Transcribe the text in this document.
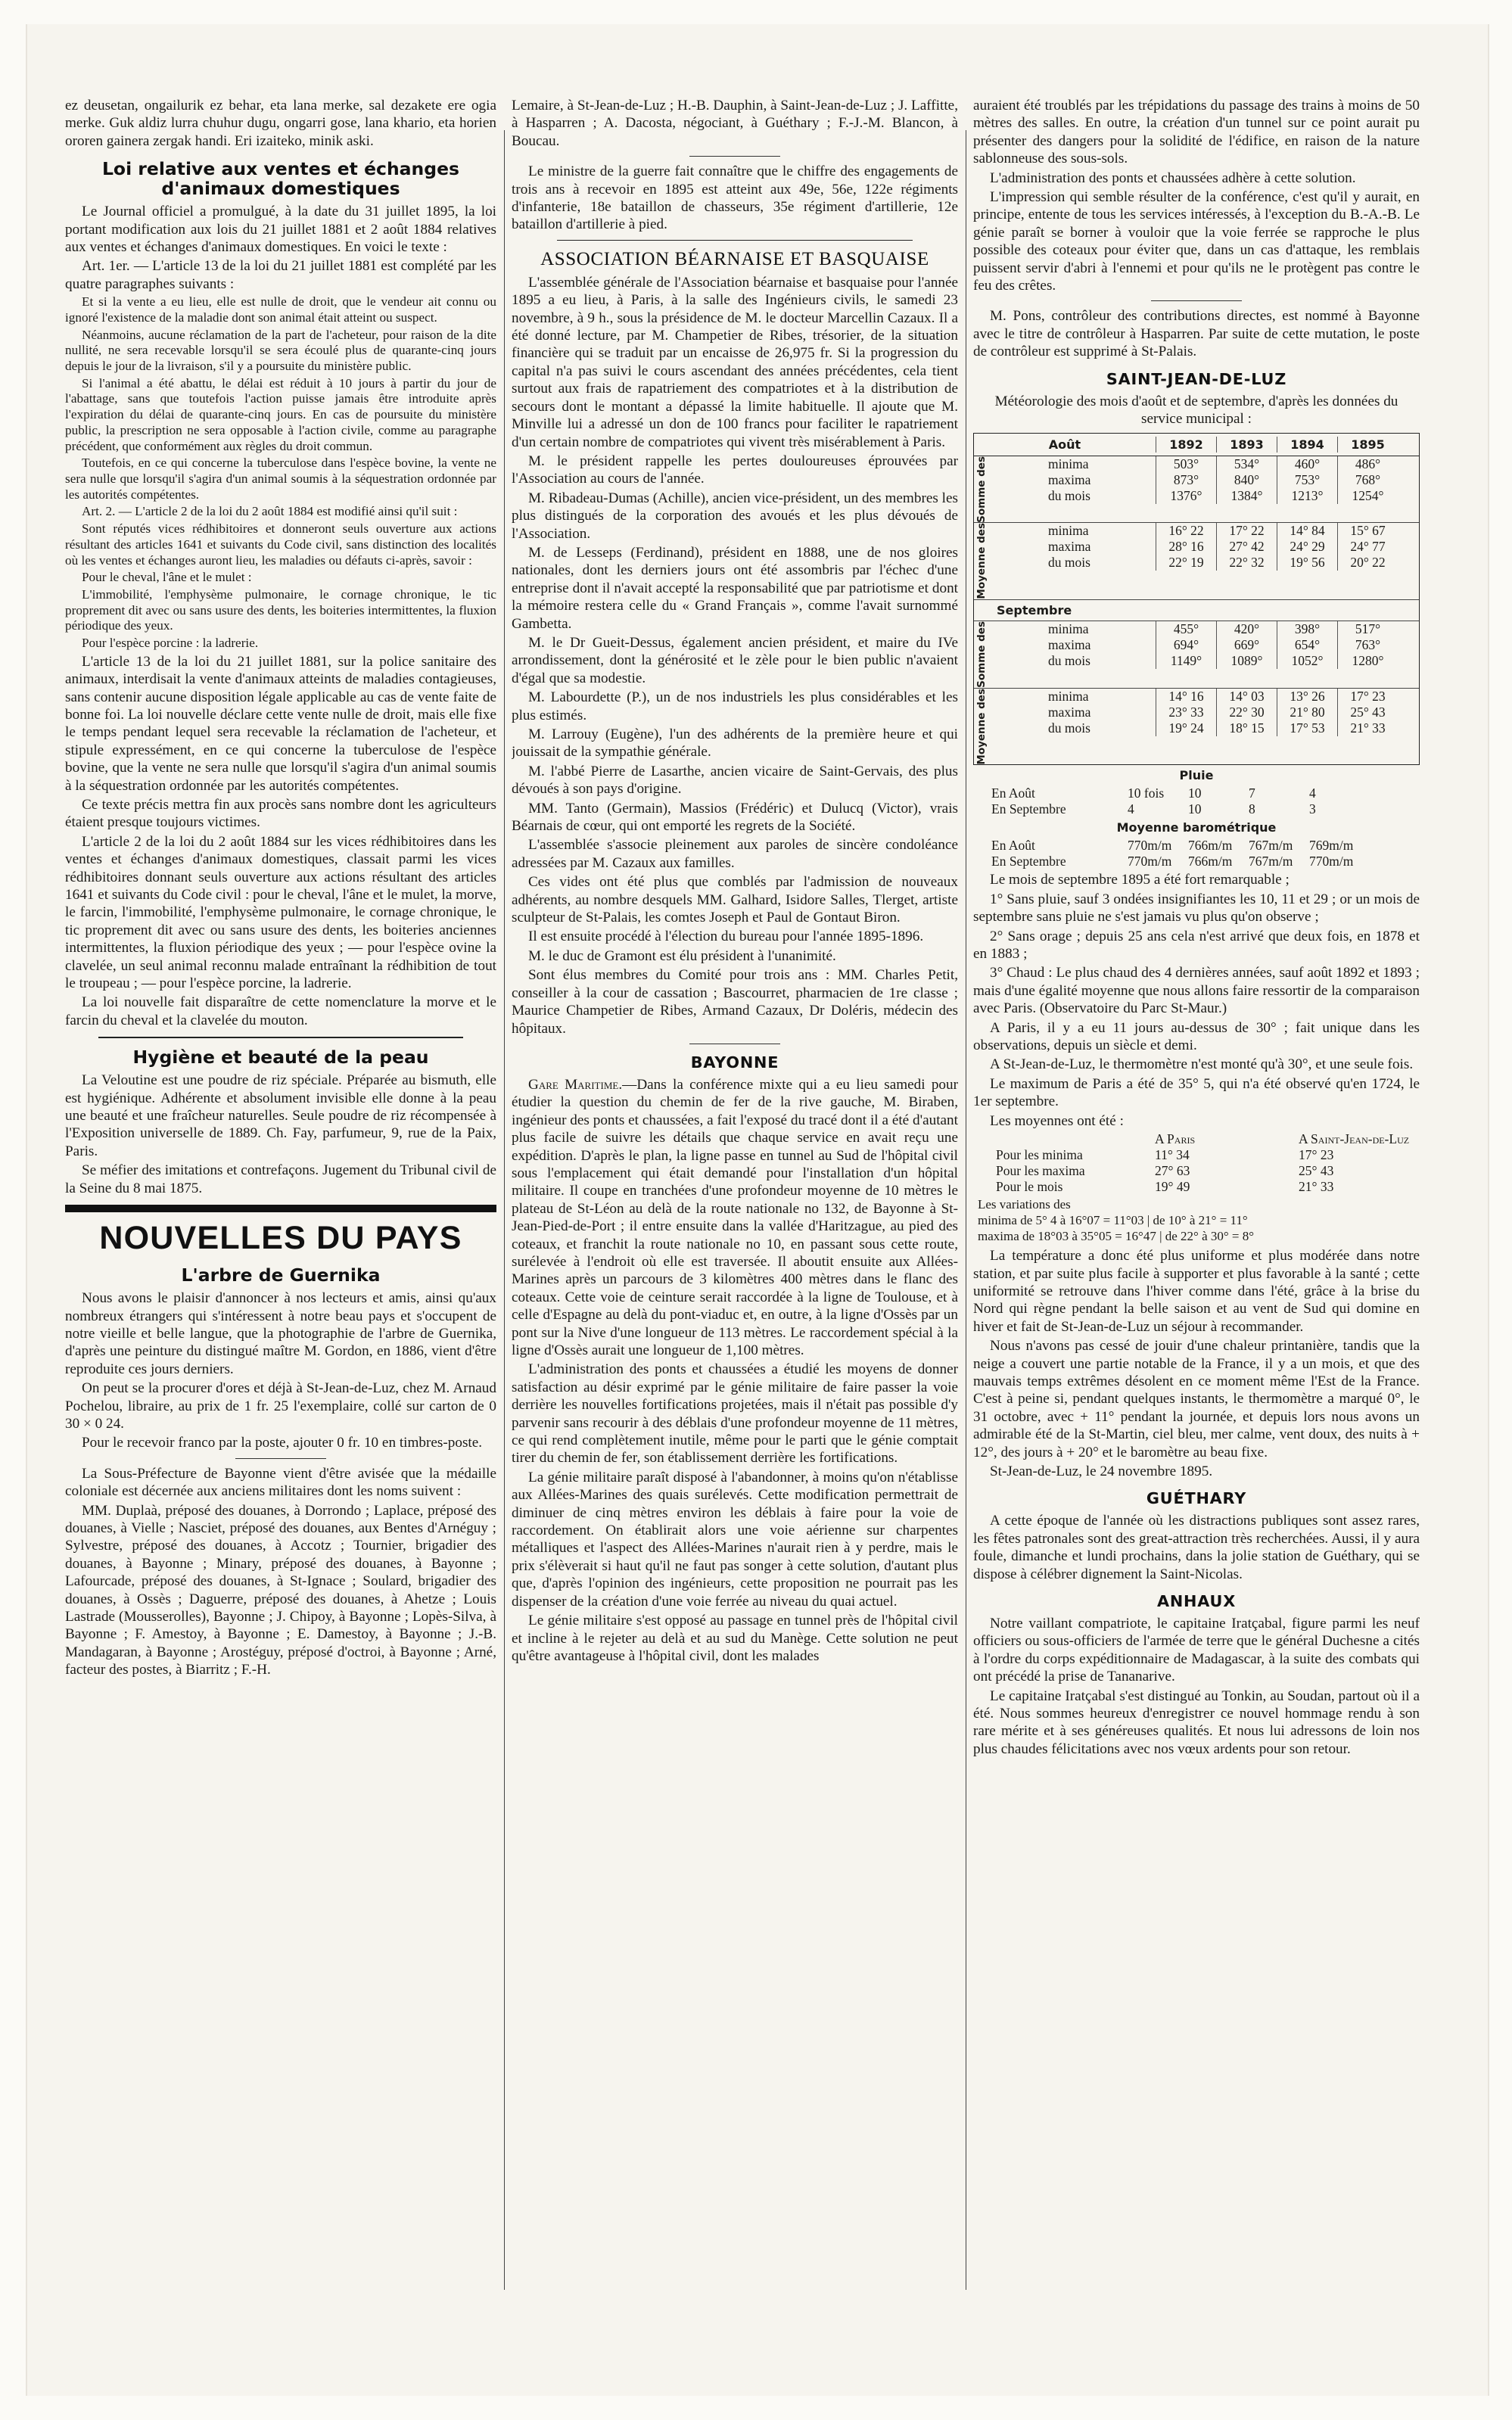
ez deusetan, ongailurik ez behar, eta lana merke, sal dezakete ere ogia merke. Guk aldiz lurra chuhur dugu, ongarri gose, lana khario, eta horien ororen gainera zergak handi. Eri izaiteko, minik aski.

Loi relative aux ventes et échanges d'animaux domestiques

Le Journal officiel a promulgué, à la date du 31 juillet 1895, la loi portant modification aux lois du 21 juillet 1881 et 2 août 1884 relatives aux ventes et échanges d'animaux domestiques. En voici le texte :

Art. 1er. — L'article 13 de la loi du 21 juillet 1881 est complété par les quatre paragraphes suivants :

Et si la vente a eu lieu, elle est nulle de droit, que le vendeur ait connu ou ignoré l'existence de la maladie dont son animal était atteint ou suspect.

Néanmoins, aucune réclamation de la part de l'acheteur, pour raison de la dite nullité, ne sera recevable lorsqu'il se sera écoulé plus de quarante-cinq jours depuis le jour de la livraison, s'il y a poursuite du ministère public.

Si l'animal a été abattu, le délai est réduit à 10 jours à partir du jour de l'abattage, sans que toutefois l'action puisse jamais être introduite après l'expiration du délai de quarante-cinq jours. En cas de poursuite du ministère public, la prescription ne sera opposable à l'action civile, comme au paragraphe précédent, que conformément aux règles du droit commun.

Toutefois, en ce qui concerne la tuberculose dans l'espèce bovine, la vente ne sera nulle que lorsqu'il s'agira d'un animal soumis à la séquestration ordonnée par les autorités compétentes.

Art. 2. — L'article 2 de la loi du 2 août 1884 est modifié ainsi qu'il suit :

Sont réputés vices rédhibitoires et donneront seuls ouverture aux actions résultant des articles 1641 et suivants du Code civil, sans distinction des localités où les ventes et échanges auront lieu, les maladies ou défauts ci-après, savoir :

Pour le cheval, l'âne et le mulet :

L'immobilité, l'emphysème pulmonaire, le cornage chronique, le tic proprement dit avec ou sans usure des dents, les boiteries intermittentes, la fluxion périodique des yeux.

Pour l'espèce porcine : la ladrerie.

L'article 13 de la loi du 21 juillet 1881, sur la police sanitaire des animaux, interdisait la vente d'animaux atteints de maladies contagieuses, sans contenir aucune disposition légale applicable au cas de vente faite de bonne foi. La loi nouvelle déclare cette vente nulle de droit, mais elle fixe le temps pendant lequel sera recevable la réclamation de l'acheteur, et stipule expressément, en ce qui concerne la tuberculose de l'espèce bovine, que la vente ne sera nulle que lorsqu'il s'agira d'un animal soumis à la séquestration ordonnée par les autorités compétentes.

Ce texte précis mettra fin aux procès sans nombre dont les agriculteurs étaient presque toujours victimes.

L'article 2 de la loi du 2 août 1884 sur les vices rédhibitoires dans les ventes et échanges d'animaux domestiques, classait parmi les vices rédhibitoires donnant seuls ouverture aux actions résultant des articles 1641 et suivants du Code civil : pour le cheval, l'âne et le mulet, la morve, le farcin, l'immobilité, l'emphysème pulmonaire, le cornage chronique, le tic proprement dit avec ou sans usure des dents, les boiteries anciennes intermittentes, la fluxion périodique des yeux ; — pour l'espèce ovine la clavelée, un seul animal reconnu malade entraînant la rédhibition de tout le troupeau ; — pour l'espèce porcine, la ladrerie.

La loi nouvelle fait disparaître de cette nomenclature la morve et le farcin du cheval et la clavelée du mouton.

Hygiène et beauté de la peau

La Veloutine est une poudre de riz spéciale. Préparée au bismuth, elle est hygiénique. Adhérente et absolument invisible elle donne à la peau une beauté et une fraîcheur naturelles. Seule poudre de riz récompensée à l'Exposition universelle de 1889. Ch. Fay, parfumeur, 9, rue de la Paix, Paris.

Se méfier des imitations et contrefaçons. Jugement du Tribunal civil de la Seine du 8 mai 1875.

NOUVELLES DU PAYS
L'arbre de Guernika

Nous avons le plaisir d'annoncer à nos lecteurs et amis, ainsi qu'aux nombreux étrangers qui s'intéressent à notre beau pays et s'occupent de notre vieille et belle langue, que la photographie de l'arbre de Guernika, d'après une peinture du distingué maître M. Gordon, en 1886, vient d'être reproduite ces jours derniers.

On peut se la procurer d'ores et déjà à St-Jean-de-Luz, chez M. Arnaud Pochelou, libraire, au prix de 1 fr. 25 l'exemplaire, collé sur carton de 0 30 × 0 24.

Pour le recevoir franco par la poste, ajouter 0 fr. 10 en timbres-poste.

La Sous-Préfecture de Bayonne vient d'être avisée que la médaille coloniale est décernée aux anciens militaires dont les noms suivent :

MM. Duplaà, préposé des douanes, à Dorrondo ; Laplace, préposé des douanes, à Vielle ; Nasciet, préposé des douanes, aux Bentes d'Arnéguy ; Sylvestre, préposé des douanes, à Accotz ; Tournier, brigadier des douanes, à Bayonne ; Minary, préposé des douanes, à Bayonne ; Lafourcade, préposé des douanes, à St-Ignace ; Soulard, brigadier des douanes, à Ossès ; Daguerre, préposé des douanes, à Ahetze ; Louis Lastrade (Mousserolles), Bayonne ; J. Chipoy, à Bayonne ; Lopès-Silva, à Bayonne ; F. Amestoy, à Bayonne ; E. Damestoy, à Bayonne ; J.-B. Mandagaran, à Bayonne ; Arostéguy, préposé d'octroi, à Bayonne ; Arné, facteur des postes, à Biarritz ; F.-H.

Lemaire, à St-Jean-de-Luz ; H.-B. Dauphin, à Saint-Jean-de-Luz ; J. Laffitte, à Hasparren ; A. Dacosta, négociant, à Guéthary ; F.-J.-M. Blancon, à Boucau.

Le ministre de la guerre fait connaître que le chiffre des engagements de trois ans à recevoir en 1895 est atteint aux 49e, 56e, 122e régiments d'infanterie, 18e bataillon de chasseurs, 35e régiment d'artillerie, 12e bataillon d'artillerie à pied.

ASSOCIATION BÉARNAISE ET BASQUAISE

L'assemblée générale de l'Association béarnaise et basquaise pour l'année 1895 a eu lieu, à Paris, à la salle des Ingénieurs civils, le samedi 23 novembre, à 9 h., sous la présidence de M. le docteur Marcellin Cazaux. Il a été donné lecture, par M. Champetier de Ribes, trésorier, de la situation financière qui se traduit par un encaisse de 26,975 fr. Si la progression du capital n'a pas suivi le cours ascendant des années précédentes, cela tient surtout aux frais de rapatriement des compatriotes et à la distribution de secours dont le montant a dépassé la limite habituelle. Il ajoute que M. Minville lui a adressé un don de 100 francs pour faciliter le rapatriement d'un certain nombre de compatriotes qui vivent très misérablement à Paris.

M. le président rappelle les pertes douloureuses éprouvées par l'Association au cours de l'année.

M. Ribadeau-Dumas (Achille), ancien vice-président, un des membres les plus distingués de la corporation des avoués et les plus dévoués de l'Association.

M. de Lesseps (Ferdinand), président en 1888, une de nos gloires nationales, dont les derniers jours ont été assombris par l'échec d'une entreprise dont il n'avait accepté la responsabilité que par patriotisme et dont la mémoire restera celle du « Grand Français », comme l'avait surnommé Gambetta.

M. le Dr Gueit-Dessus, également ancien président, et maire du IVe arrondissement, dont la générosité et le zèle pour le bien public n'avaient d'égal que sa modestie.

M. Labourdette (P.), un de nos industriels les plus considérables et les plus estimés.

M. Larrouy (Eugène), l'un des adhérents de la première heure et qui jouissait de la sympathie générale.

M. l'abbé Pierre de Lasarthe, ancien vicaire de Saint-Gervais, des plus dévoués à son pays d'origine.

MM. Tanto (Germain), Massios (Frédéric) et Dulucq (Victor), vrais Béarnais de cœur, qui ont emporté les regrets de la Société.

L'assemblée s'associe pleinement aux paroles de sincère condoléance adressées par M. Cazaux aux familles.

Ces vides ont été plus que comblés par l'admission de nouveaux adhérents, au nombre desquels MM. Galhard, Isidore Salles, Tlerget, artiste sculpteur de St-Palais, les comtes Joseph et Paul de Gontaut Biron.

Il est ensuite procédé à l'élection du bureau pour l'année 1895-1896.

M. le duc de Gramont est élu président à l'unanimité.

Sont élus membres du Comité pour trois ans : MM. Charles Petit, conseiller à la cour de cassation ; Bascourret, pharmacien de 1re classe ; Maurice Champetier de Ribes, Armand Cazaux, Dr Doléris, médecin des hôpitaux.

BAYONNE

Gare Maritime.—Dans la conférence mixte qui a eu lieu samedi pour étudier la question du chemin de fer de la rive gauche, M. Biraben, ingénieur des ponts et chaussées, a fait l'exposé du tracé dont il a été d'autant plus facile de suivre les détails que chaque service en avait reçu une expédition. D'après le plan, la ligne passe en tunnel au Sud de l'hôpital civil sous l'emplacement qui était demandé pour l'installation d'un hôpital militaire. Il coupe en tranchées d'une profondeur moyenne de 10 mètres le plateau de St-Léon au delà de la route nationale no 132, de Bayonne à St-Jean-Pied-de-Port ; il entre ensuite dans la vallée d'Haritzague, au pied des coteaux, et franchit la route nationale no 10, en passant sous cette route, surélevée à l'endroit où elle est traversée. Il aboutit ensuite aux Allées-Marines après un parcours de 3 kilomètres 400 mètres dans le flanc des coteaux. Cette voie de ceinture serait raccordée à la ligne de Toulouse, et à celle d'Espagne au delà du pont-viaduc et, en outre, à la ligne d'Ossès par un pont sur la Nive d'une longueur de 113 mètres. Le raccordement spécial à la ligne d'Ossès aurait une longueur de 1,100 mètres.

L'administration des ponts et chaussées a étudié les moyens de donner satisfaction au désir exprimé par le génie militaire de faire passer la voie derrière les nouvelles fortifications projetées, mais il n'était pas possible d'y parvenir sans recourir à des déblais d'une profondeur moyenne de 11 mètres, ce qui rend complètement inutile, même pour le parti que le génie comptait tirer du chemin de fer, son établissement derrière les fortifications.

La génie militaire paraît disposé à l'abandonner, à moins qu'on n'établisse aux Allées-Marines des quais surélevés. Cette modification permettrait de diminuer de cinq mètres environ les déblais à faire pour la voie de raccordement. On établirait alors une voie aérienne sur charpentes métalliques et l'aspect des Allées-Marines n'aurait rien à y perdre, mais le prix s'élèverait si haut qu'il ne faut pas songer à cette solution, d'autant plus que, d'après l'opinion des ingénieurs, cette proposition ne pourrait pas les dispenser de la création d'une voie ferrée au niveau du quai actuel.

Le génie militaire s'est opposé au passage en tunnel près de l'hôpital civil et incline à le rejeter au delà et au sud du Manège. Cette solution ne peut qu'être avantageuse à l'hôpital civil, dont les malades

auraient été troublés par les trépidations du passage des trains à moins de 50 mètres des salles. En outre, la création d'un tunnel sur ce point aurait pu présenter des dangers pour la solidité de l'édifice, en raison de la nature sablonneuse des sous-sols.

L'administration des ponts et chaussées adhère à cette solution.

L'impression qui semble résulter de la conférence, c'est qu'il y aurait, en principe, entente de tous les services intéressés, à l'exception du B.-A.-B. Le génie paraît se borner à vouloir que la voie ferrée se rapproche le plus possible des coteaux pour éviter que, dans un cas d'attaque, les remblais puissent servir d'abri à l'ennemi et pour qu'ils ne le protègent pas contre le feu des crêtes.

M. Pons, contrôleur des contributions directes, est nommé à Bayonne avec le titre de contrôleur à Hasparren. Par suite de cette mutation, le poste de contrôleur est supprimé à St-Palais.

SAINT-JEAN-DE-LUZ

Météorologie des mois d'août et de septembre, d'après les données du service municipal :

Août	1892	1893	1894	1895
Somme des	minima	503°	534°	460°	486°
maxima	873°	840°	753°	768°
du mois	1376°	1384°	1213°	1254°
Moyenne des	minima	16° 22	17° 22	14° 84	15° 67
maxima	28° 16	27° 42	24° 29	24° 77
du mois	22° 19	22° 32	19° 56	20° 22
Septembre
Somme des	minima	455°	420°	398°	517°
maxima	694°	669°	654°	763°
du mois	1149°	1089°	1052°	1280°
Moyenne des	minima	14° 16	14° 03	13° 26	17° 23
maxima	23° 33	22° 30	21° 80	25° 43
du mois	19° 24	18° 15	17° 53	21° 33
Pluie
En Août	10 fois	10	7	4
En Septembre	4	10	8	3
Moyenne barométrique
En Août	770m/m	766m/m	767m/m	769m/m
En Septembre	770m/m	766m/m	767m/m	770m/m

Le mois de septembre 1895 a été fort remarquable ;

1° Sans pluie, sauf 3 ondées insignifiantes les 10, 11 et 29 ; or un mois de septembre sans pluie ne s'est jamais vu plus qu'on observe ;

2° Sans orage ; depuis 25 ans cela n'est arrivé que deux fois, en 1878 et en 1883 ;

3° Chaud : Le plus chaud des 4 dernières années, sauf août 1892 et 1893 ; mais d'une égalité moyenne que nous allons faire ressortir de la comparaison avec Paris. (Observatoire du Parc St-Maur.)

A Paris, il y a eu 11 jours au-dessus de 30° ; fait unique dans les observations, depuis un siècle et demi.

A St-Jean-de-Luz, le thermomètre n'est monté qu'à 30°, et une seule fois.

Le maximum de Paris a été de 35° 5, qui n'a été observé qu'en 1724, le 1er septembre.

Les moyennes ont été :

A Paris	A Saint-Jean-de-Luz
Pour les minima	11° 34	17° 23
Pour les maxima	27° 63	25° 43
Pour le mois	19° 49	21° 33
Les variations des
minima de 5° 4 à 16°07 = 11°03 | de 10° à 21° = 11°
maxima de 18°03 à 35°05 = 16°47 | de 22° à 30° = 8°

La température a donc été plus uniforme et plus modérée dans notre station, et par suite plus facile à supporter et plus favorable à la santé ; cette uniformité se retrouve dans l'hiver comme dans l'été, grâce à la brise du Nord qui règne pendant la belle saison et au vent de Sud qui domine en hiver et fait de St-Jean-de-Luz un séjour à recommander.

Nous n'avons pas cessé de jouir d'une chaleur printanière, tandis que la neige a couvert une partie notable de la France, il y a un mois, et que des mauvais temps extrêmes désolent en ce moment même l'Est de la France. C'est à peine si, pendant quelques instants, le thermomètre a marqué 0°, le 31 octobre, avec + 11° pendant la journée, et depuis lors nous avons un admirable été de la St-Martin, ciel bleu, mer calme, vent doux, des nuits à + 12°, des jours à + 20° et le baromètre au beau fixe.

St-Jean-de-Luz, le 24 novembre 1895.

GUÉTHARY

A cette époque de l'année où les distractions publiques sont assez rares, les fêtes patronales sont des great-attraction très recherchées. Aussi, il y aura foule, dimanche et lundi prochains, dans la jolie station de Guéthary, qui se dispose à célébrer dignement la Saint-Nicolas.

ANHAUX

Notre vaillant compatriote, le capitaine Iratçabal, figure parmi les neuf officiers ou sous-officiers de l'armée de terre que le général Duchesne a cités à l'ordre du corps expéditionnaire de Madagascar, à la suite des combats qui ont précédé la prise de Tananarive.

Le capitaine Iratçabal s'est distingué au Tonkin, au Soudan, partout où il a été. Nous sommes heureux d'enregistrer ce nouvel hommage rendu à son rare mérite et à ses généreuses qualités. Et nous lui adressons de loin nos plus chaudes félicitations avec nos vœux ardents pour son retour.
